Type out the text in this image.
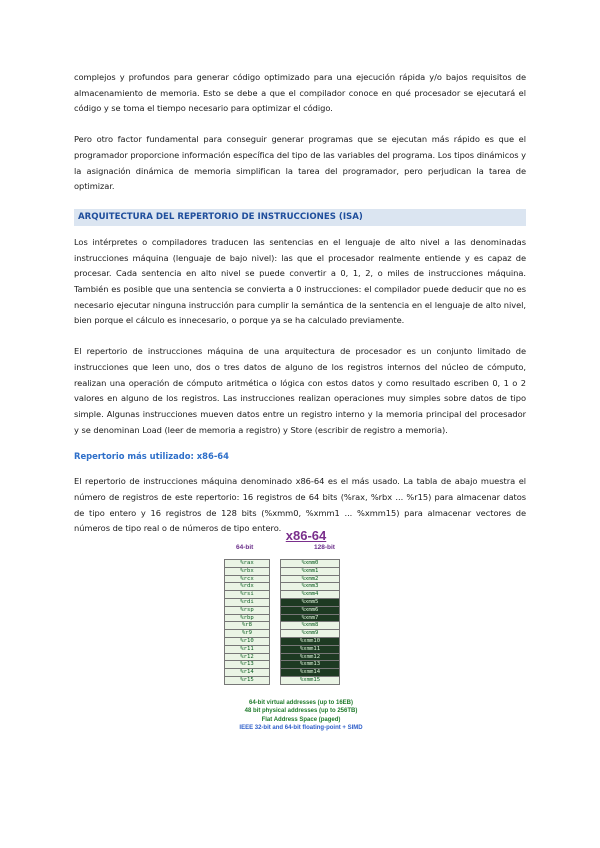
complejos y profundos para generar código optimizado para una ejecución rápida y/o bajos requisitos de almacenamiento de memoria. Esto se debe a que el compilador conoce en qué procesador se ejecutará el código y se toma el tiempo necesario para optimizar el código.

Pero otro factor fundamental para conseguir generar programas que se ejecutan más rápido es que el programador proporcione información específica del tipo de las variables del programa. Los tipos dinámicos y la asignación dinámica de memoria simplifican la tarea del programador, pero perjudican la tarea de optimizar.

ARQUITECTURA DEL REPERTORIO DE INSTRUCCIONES (ISA)

Los intérpretes o compiladores traducen las sentencias en el lenguaje de alto nivel a las denominadas instrucciones máquina (lenguaje de bajo nivel): las que el procesador realmente entiende y es capaz de procesar. Cada sentencia en alto nivel se puede convertir a 0, 1, 2, o miles de instrucciones máquina. También es posible que una sentencia se convierta a 0 instrucciones: el compilador puede deducir que no es necesario ejecutar ninguna instrucción para cumplir la semántica de la sentencia en el lenguaje de alto nivel, bien porque el cálculo es innecesario, o porque ya se ha calculado previamente.

El repertorio de instrucciones máquina de una arquitectura de procesador es un conjunto limitado de instrucciones que leen uno, dos o tres datos de alguno de los registros internos del núcleo de cómputo, realizan una operación de cómputo aritmética o lógica con estos datos y como resultado escriben 0, 1 o 2 valores en alguno de los registros. Las instrucciones realizan operaciones muy simples sobre datos de tipo simple. Algunas instrucciones mueven datos entre un registro interno y la memoria principal del procesador y se denominan Load (leer de memoria a registro) y Store (escribir de registro a memoria).

Repertorio más utilizado: x86-64

El repertorio de instrucciones máquina denominado x86-64 es el más usado. La tabla de abajo muestra el número de registros de este repertorio: 16 registros de 64 bits (%rax, %rbx ... %r15) para almacenar datos de tipo entero y 16 registros de 128 bits (%xmm0, %xmm1 ... %xmm15) para almacenar vectores de números de tipo real o de números de tipo entero. x86-64
64-bit	128-bit
%rax	%xmm0
%rbx	%xmm1
%rcx	%xmm2
%rdx	%xmm3
%rsi	%xmm4
%rdi	%xmm5
%rsp	%xmm6
%rbp	%xmm7
%r8	%xmm8
%r9	%xmm9
%r10	%xmm10
%r11	%xmm11
%r12	%xmm12
%r13	%xmm13
%r14	%xmm14
%r15	%xmm15
64-bit virtual addresses (up to 16EB)
48 bit physical addresses (up to 256TB)
Flat Address Space (paged)
IEEE 32-bit and 64-bit floating-point + SIMD
